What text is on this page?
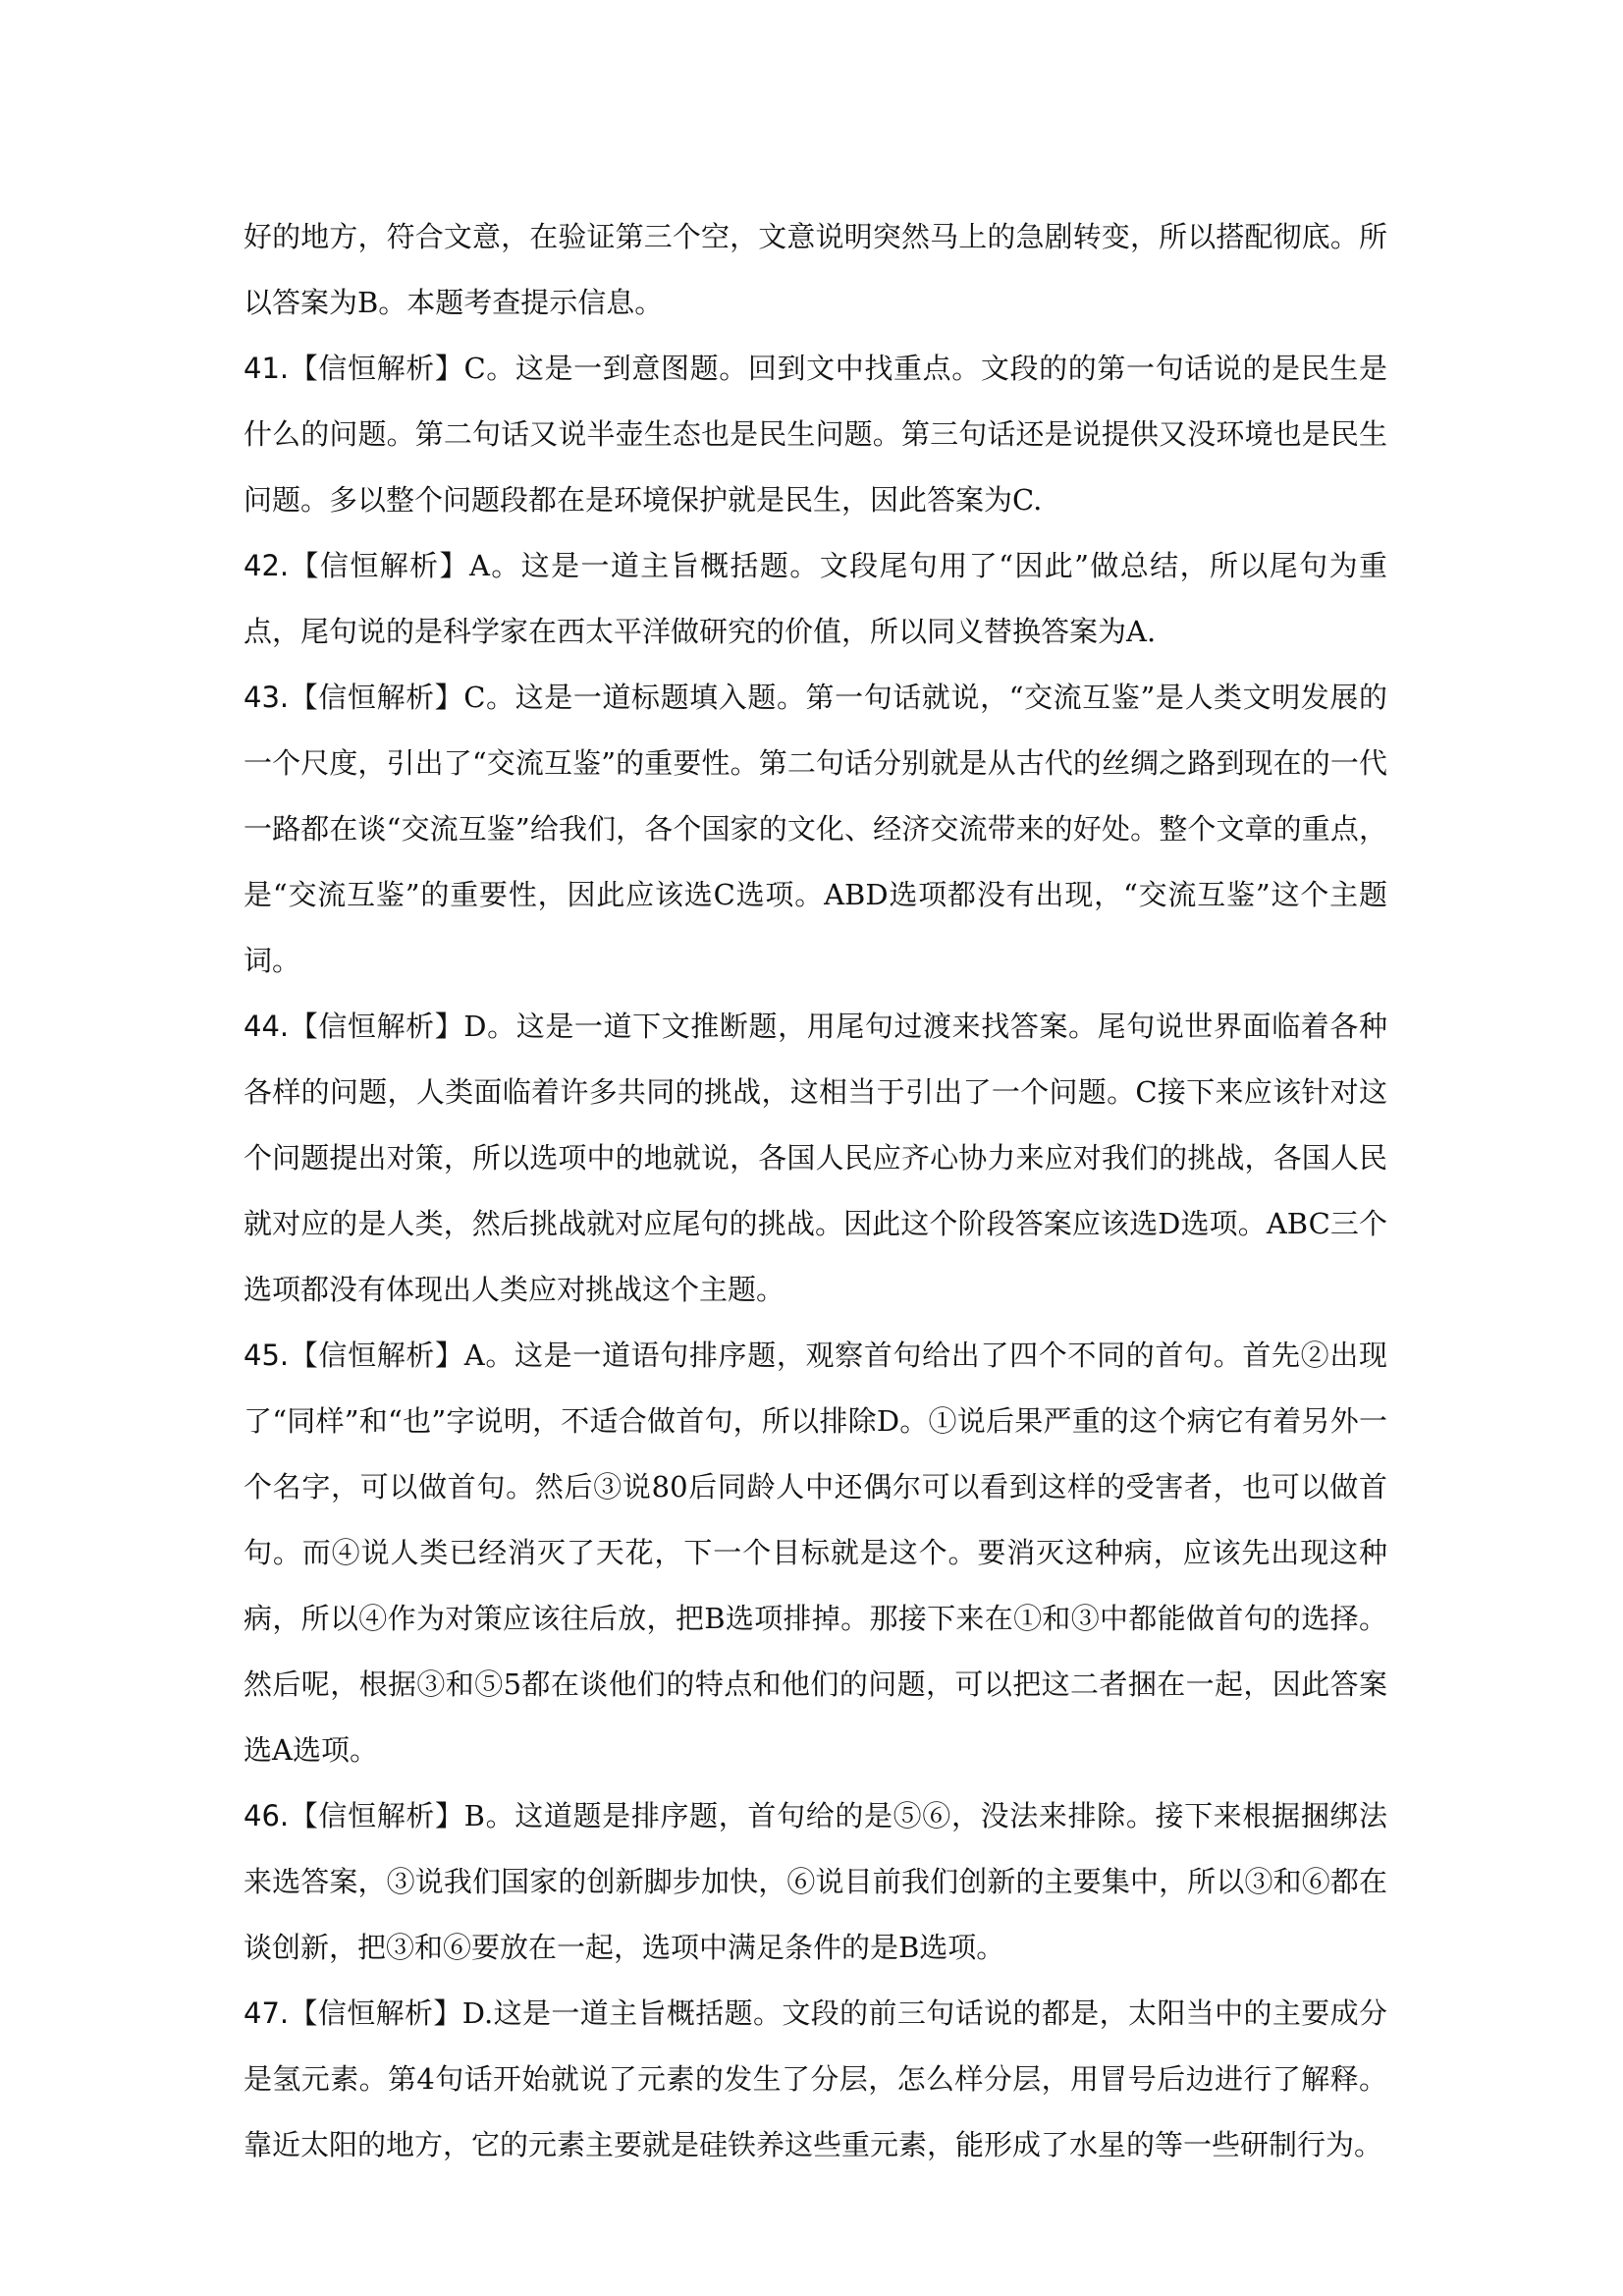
好的地方，符合文意，在验证第三个空，文意说明突然马上的急剧转变，所以搭配彻底。所以答案为B。本题考查提示信息。

41.【信恒解析】C。这是一到意图题。回到文中找重点。文段的的第一句话说的是民生是什么的问题。第二句话又说半壶生态也是民生问题。第三句话还是说提供又没环境也是民生问题。多以整个问题段都在是环境保护就是民生，因此答案为C.

42.【信恒解析】A。这是一道主旨概括题。文段尾句用了“因此”做总结，所以尾句为重点，尾句说的是科学家在西太平洋做研究的价值，所以同义替换答案为A.

43.【信恒解析】C。这是一道标题填入题。第一句话就说，“交流互鉴”是人类文明发展的一个尺度，引出了“交流互鉴”的重要性。第二句话分别就是从古代的丝绸之路到现在的一代一路都在谈“交流互鉴”给我们，各个国家的文化、经济交流带来的好处。整个文章的重点，是“交流互鉴”的重要性，因此应该选C选项。ABD选项都没有出现，“交流互鉴”这个主题词。

44.【信恒解析】D。这是一道下文推断题，用尾句过渡来找答案。尾句说世界面临着各种各样的问题，人类面临着许多共同的挑战，这相当于引出了一个问题。C接下来应该针对这个问题提出对策，所以选项中的地就说，各国人民应齐心协力来应对我们的挑战，各国人民就对应的是人类，然后挑战就对应尾句的挑战。因此这个阶段答案应该选D选项。ABC三个选项都没有体现出人类应对挑战这个主题。

45.【信恒解析】A。这是一道语句排序题，观察首句给出了四个不同的首句。首先②出现了“同样”和“也”字说明，不适合做首句，所以排除D。①说后果严重的这个病它有着另外一个名字，可以做首句。然后③说80后同龄人中还偶尔可以看到这样的受害者，也可以做首句。而④说人类已经消灭了天花，下一个目标就是这个。要消灭这种病，应该先出现这种病，所以④作为对策应该往后放，把B选项排掉。那接下来在①和③中都能做首句的选择。然后呢，根据③和⑤5都在谈他们的特点和他们的问题，可以把这二者捆在一起，因此答案选A选项。

46.【信恒解析】B。这道题是排序题，首句给的是⑤⑥，没法来排除。接下来根据捆绑法来选答案，③说我们国家的创新脚步加快，⑥说目前我们创新的主要集中，所以③和⑥都在谈创新，把③和⑥要放在一起，选项中满足条件的是B选项。

47.【信恒解析】D.这是一道主旨概括题。文段的前三句话说的都是，太阳当中的主要成分是氢元素。第4句话开始就说了元素的发生了分层，怎么样分层，用冒号后边进行了解释。靠近太阳的地方，它的元素主要就是硅铁养这些重元素，能形成了水星的等一些研制行为。
